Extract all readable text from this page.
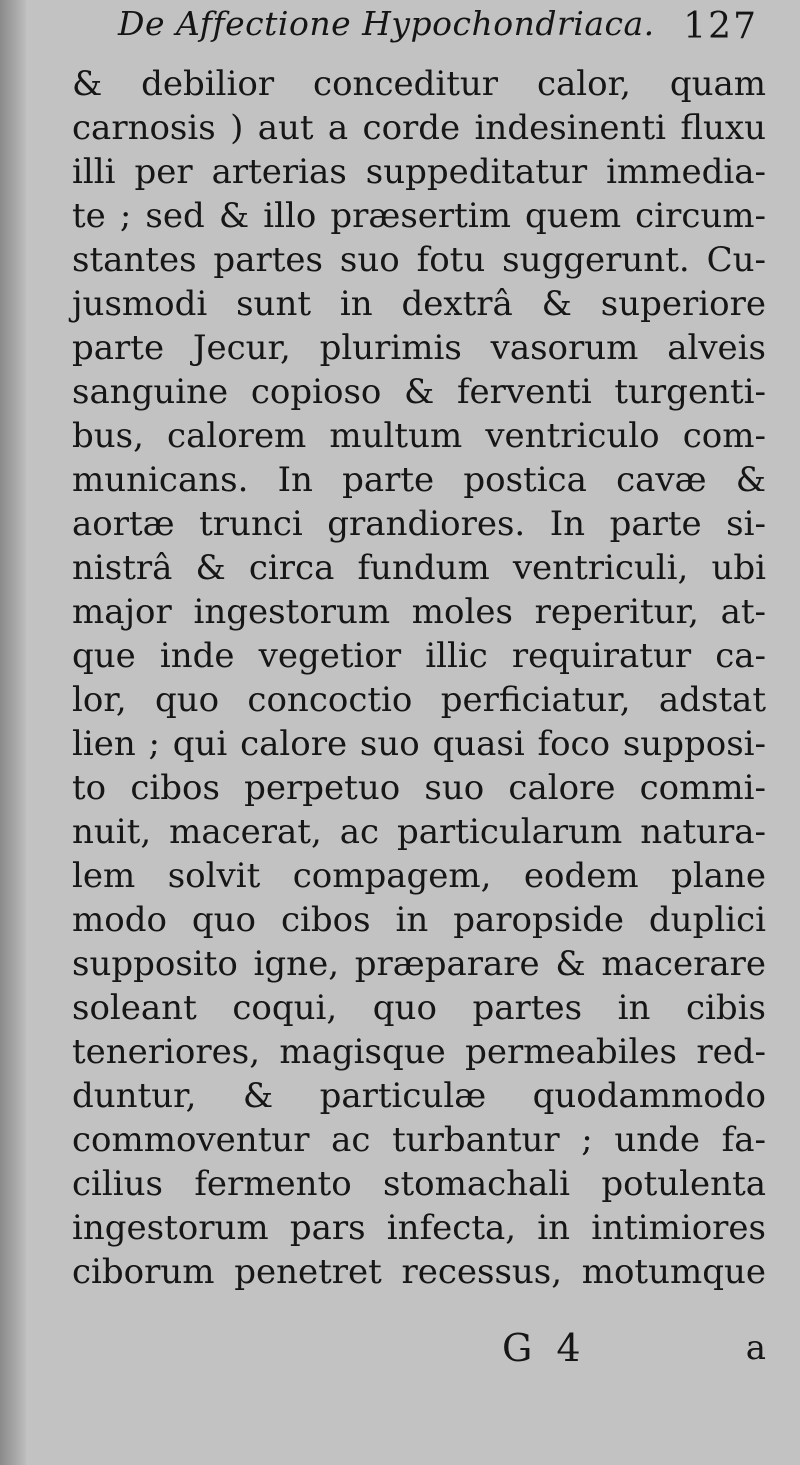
De Affectione Hypochondriaca. 127
& debilior conceditur calor, quam
carnosis ) aut a corde indesinenti fluxu
illi per arterias suppeditatur immedia-
te ; sed & illo præsertim quem circum-
stantes partes suo fotu suggerunt. Cu-
jusmodi sunt in dextrâ & superiore
parte Jecur, plurimis vasorum alveis
sanguine copioso & ferventi turgenti-
bus, calorem multum ventriculo com-
municans. In parte postica cavæ &
aortæ trunci grandiores. In parte si-
nistrâ & circa fundum ventriculi, ubi
major ingestorum moles reperitur, at-
que inde vegetior illic requiratur ca-
lor, quo concoctio perficiatur, adstat
lien ; qui calore suo quasi foco supposi-
to cibos perpetuo suo calore commi-
nuit, macerat, ac particularum natura-
lem solvit compagem, eodem plane
modo quo cibos in paropside duplici
supposito igne, præparare & macerare
soleant coqui, quo partes in cibis
teneriores, magisque permeabiles red-
duntur, & particulæ quodammodo
commoventur ac turbantur ; unde fa-
cilius fermento stomachali potulenta
ingestorum pars infecta, in intimiores
ciborum penetret recessus, motumque
G 4	a
